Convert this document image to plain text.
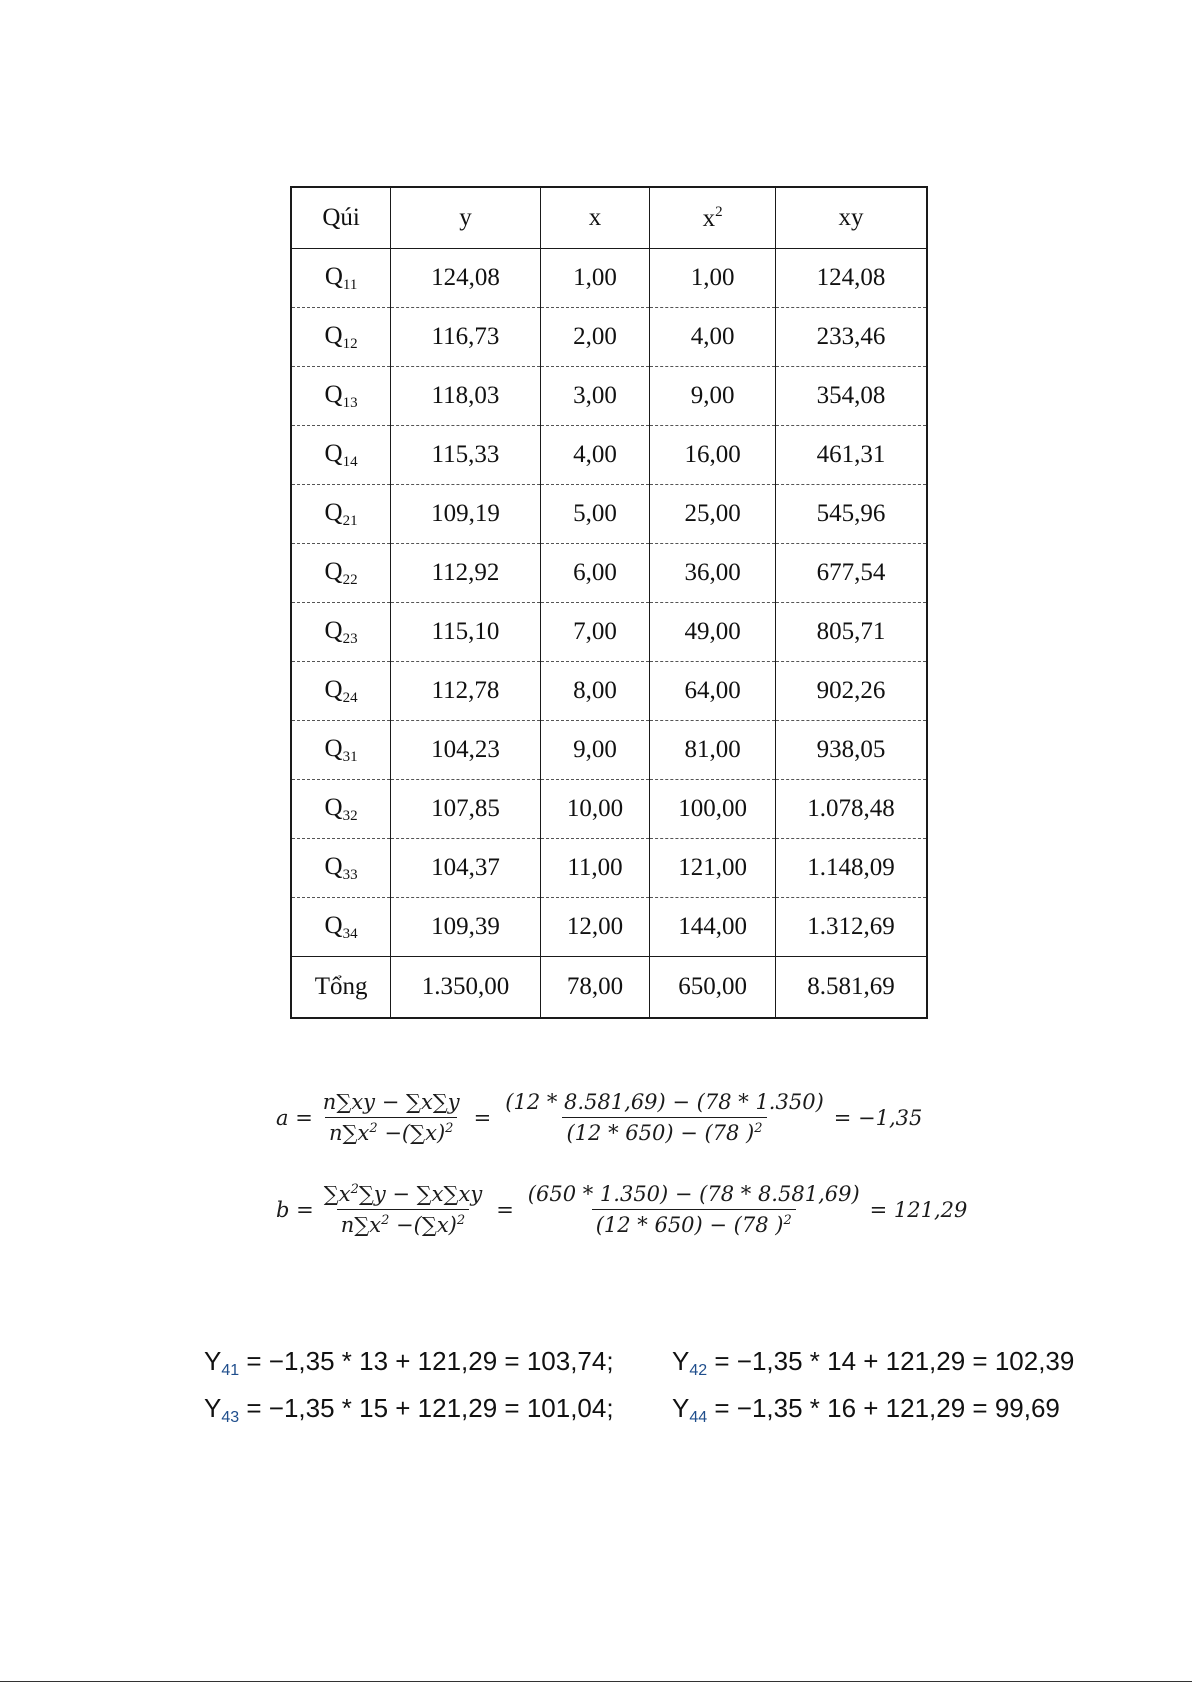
Qúi	y	x	$x^2$	xy
$Q_{11}$	124,08	1,00	1,00	124,08
$Q_{12}$	116,73	2,00	4,00	233,46
$Q_{13}$	118,03	3,00	9,00	354,08
$Q_{14}$	115,33	4,00	16,00	461,31
$Q_{21}$	109,19	5,00	25,00	545,96
$Q_{22}$	112,92	6,00	36,00	677,54
$Q_{23}$	115,10	7,00	49,00	805,71
$Q_{24}$	112,78	8,00	64,00	902,26
$Q_{31}$	104,23	9,00	81,00	938,05
$Q_{32}$	107,85	10,00	100,00	1.078,48
$Q_{33}$	104,37	11,00	121,00	1.148,09
$Q_{34}$	109,39	12,00	144,00	1.312,69
Tổng	1.350,00	78,00	650,00	8.581,69
$a = \frac{n\sum xy - \sum x\sum y}{n\sum x^2 -(\sum x)^2} = \frac{(12 * 8.581,69) - (78 * 1.350)}{(12 * 650) - (78 )^2} = -1,35$
$b = \frac{\sum x^2\sum y - \sum x\sum xy}{n\sum x^2 -(\sum x)^2} = \frac{(650 * 1.350) - (78 * 8.581,69)}{(12 * 650) - (78 )^2} = 121,29$
$Y_{41} = -1,35 * 13 + 121,29 = 103,74$; $Y_{42} = -1,35 * 14 + 121,29 = 102,39$
$Y_{43} = -1,35 * 15 + 121,29 = 101,04$; $Y_{44} = -1,35 * 16 + 121,29 = 99,69$
